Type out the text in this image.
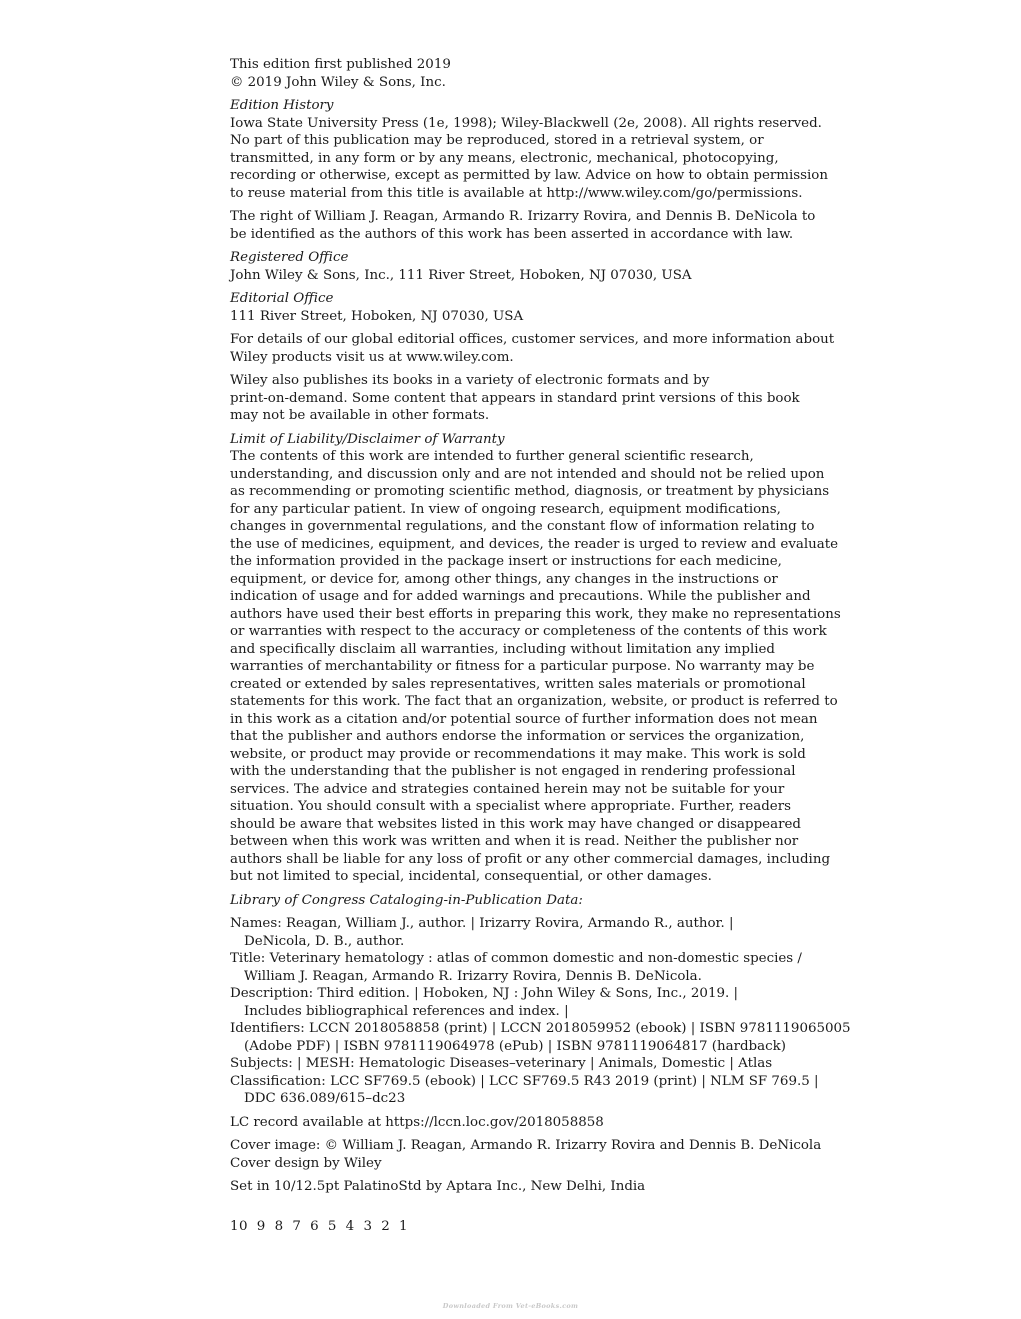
This edition first published 2019
© 2019 John Wiley & Sons, Inc.
Edition History
Iowa State University Press (1e, 1998); Wiley-Blackwell (2e, 2008). All rights reserved.
No part of this publication may be reproduced, stored in a retrieval system, or
transmitted, in any form or by any means, electronic, mechanical, photocopying,
recording or otherwise, except as permitted by law. Advice on how to obtain permission
to reuse material from this title is available at http://www.wiley.com/go/permissions.
The right of William J. Reagan, Armando R. Irizarry Rovira, and Dennis B. DeNicola to
be identified as the authors of this work has been asserted in accordance with law.
Registered Office
John Wiley & Sons, Inc., 111 River Street, Hoboken, NJ 07030, USA
Editorial Office
111 River Street, Hoboken, NJ 07030, USA
For details of our global editorial offices, customer services, and more information about
Wiley products visit us at www.wiley.com.
Wiley also publishes its books in a variety of electronic formats and by
print-on-demand. Some content that appears in standard print versions of this book
may not be available in other formats.
Limit of Liability/Disclaimer of Warranty
The contents of this work are intended to further general scientific research,
understanding, and discussion only and are not intended and should not be relied upon
as recommending or promoting scientific method, diagnosis, or treatment by physicians
for any particular patient. In view of ongoing research, equipment modifications,
changes in governmental regulations, and the constant flow of information relating to
the use of medicines, equipment, and devices, the reader is urged to review and evaluate
the information provided in the package insert or instructions for each medicine,
equipment, or device for, among other things, any changes in the instructions or
indication of usage and for added warnings and precautions. While the publisher and
authors have used their best efforts in preparing this work, they make no representations
or warranties with respect to the accuracy or completeness of the contents of this work
and specifically disclaim all warranties, including without limitation any implied
warranties of merchantability or fitness for a particular purpose. No warranty may be
created or extended by sales representatives, written sales materials or promotional
statements for this work. The fact that an organization, website, or product is referred to
in this work as a citation and/or potential source of further information does not mean
that the publisher and authors endorse the information or services the organization,
website, or product may provide or recommendations it may make. This work is sold
with the understanding that the publisher is not engaged in rendering professional
services. The advice and strategies contained herein may not be suitable for your
situation. You should consult with a specialist where appropriate. Further, readers
should be aware that websites listed in this work may have changed or disappeared
between when this work was written and when it is read. Neither the publisher nor
authors shall be liable for any loss of profit or any other commercial damages, including
but not limited to special, incidental, consequential, or other damages.
Library of Congress Cataloging-in-Publication Data:
Names: Reagan, William J., author. | Irizarry Rovira, Armando R., author. |
DeNicola, D. B., author.
Title: Veterinary hematology : atlas of common domestic and non-domestic species /
William J. Reagan, Armando R. Irizarry Rovira, Dennis B. DeNicola.
Description: Third edition. | Hoboken, NJ : John Wiley & Sons, Inc., 2019. |
Includes bibliographical references and index. |
Identifiers: LCCN 2018058858 (print) | LCCN 2018059952 (ebook) | ISBN 9781119065005
(Adobe PDF) | ISBN 9781119064978 (ePub) | ISBN 9781119064817 (hardback)
Subjects: | MESH: Hematologic Diseases–veterinary | Animals, Domestic | Atlas
Classification: LCC SF769.5 (ebook) | LCC SF769.5 R43 2019 (print) | NLM SF 769.5 |
DDC 636.089/615–dc23
LC record available at https://lccn.loc.gov/2018058858
Cover image: © William J. Reagan, Armando R. Irizarry Rovira and Dennis B. DeNicola
Cover design by Wiley
Set in 10/12.5pt PalatinoStd by Aptara Inc., New Delhi, India
10 9 8 7 6 5 4 3 2 1
Downloaded From Vet-eBooks.com
